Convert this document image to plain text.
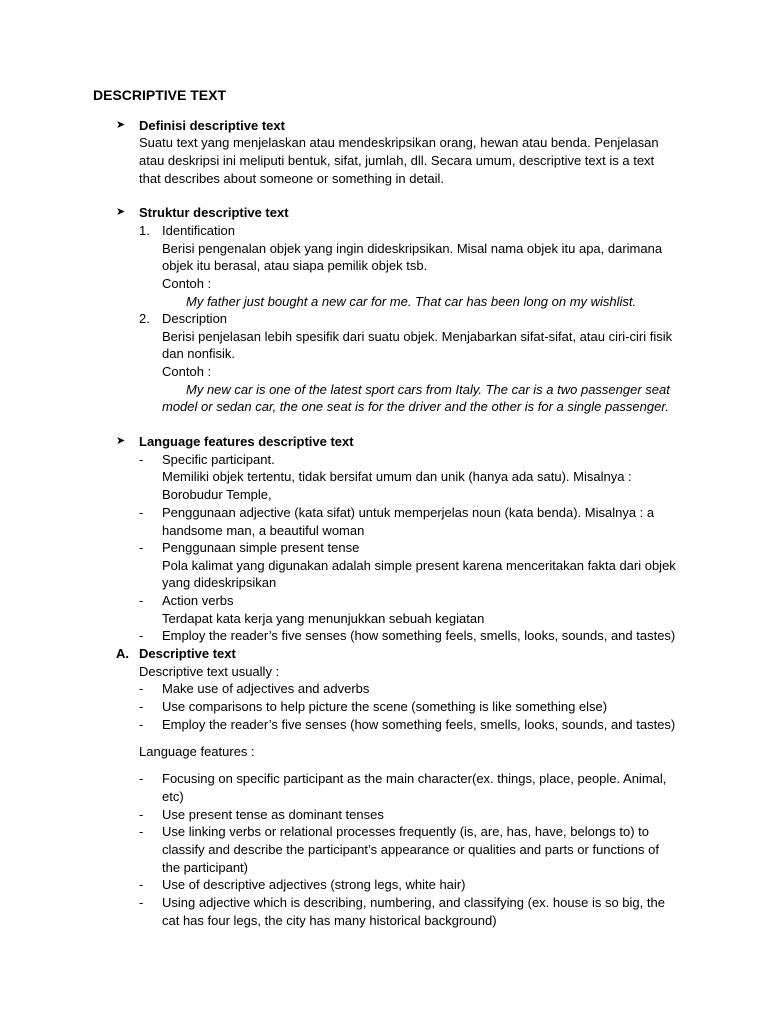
DESCRIPTIVE TEXT
➤ Definisi descriptive text
Suatu text yang menjelaskan atau mendeskripsikan orang, hewan atau benda. Penjelasan
atau deskripsi ini meliputi bentuk, sifat, jumlah, dll. Secara umum, descriptive text is a text
that describes about someone or something in detail.
➤ Struktur descriptive text
1. Identification
Berisi pengenalan objek yang ingin dideskripsikan. Misal nama objek itu apa, darimana
objek itu berasal, atau siapa pemilik objek tsb.
Contoh :
My father just bought a new car for me. That car has been long on my wishlist.
2. Description
Berisi penjelasan lebih spesifik dari suatu objek. Menjabarkan sifat-sifat, atau ciri-ciri fisik
dan nonfisik.
Contoh :
My new car is one of the latest sport cars from Italy. The car is a two passenger seat
model or sedan car, the one seat is for the driver and the other is for a single passenger.
➤ Language features descriptive text
- Specific participant.
Memiliki objek tertentu, tidak bersifat umum dan unik (hanya ada satu). Misalnya :
Borobudur Temple,
- Penggunaan adjective (kata sifat) untuk memperjelas noun (kata benda). Misalnya : a
handsome man, a beautiful woman
- Penggunaan simple present tense
Pola kalimat yang digunakan adalah simple present karena menceritakan fakta dari objek
yang dideskripsikan
- Action verbs
Terdapat kata kerja yang menunjukkan sebuah kegiatan
- Employ the reader’s five senses (how something feels, smells, looks, sounds, and tastes)
A. Descriptive text
Descriptive text usually :
- Make use of adjectives and adverbs
- Use comparisons to help picture the scene (something is like something else)
- Employ the reader’s five senses (how something feels, smells, looks, sounds, and tastes)
Language features :
- Focusing on specific participant as the main character(ex. things, place, people. Animal,
etc)
- Use present tense as dominant tenses
- Use linking verbs or relational processes frequently (is, are, has, have, belongs to) to
classify and describe the participant’s appearance or qualities and parts or functions of
the participant)
- Use of descriptive adjectives (strong legs, white hair)
- Using adjective which is describing, numbering, and classifying (ex. house is so big, the
cat has four legs, the city has many historical background)
